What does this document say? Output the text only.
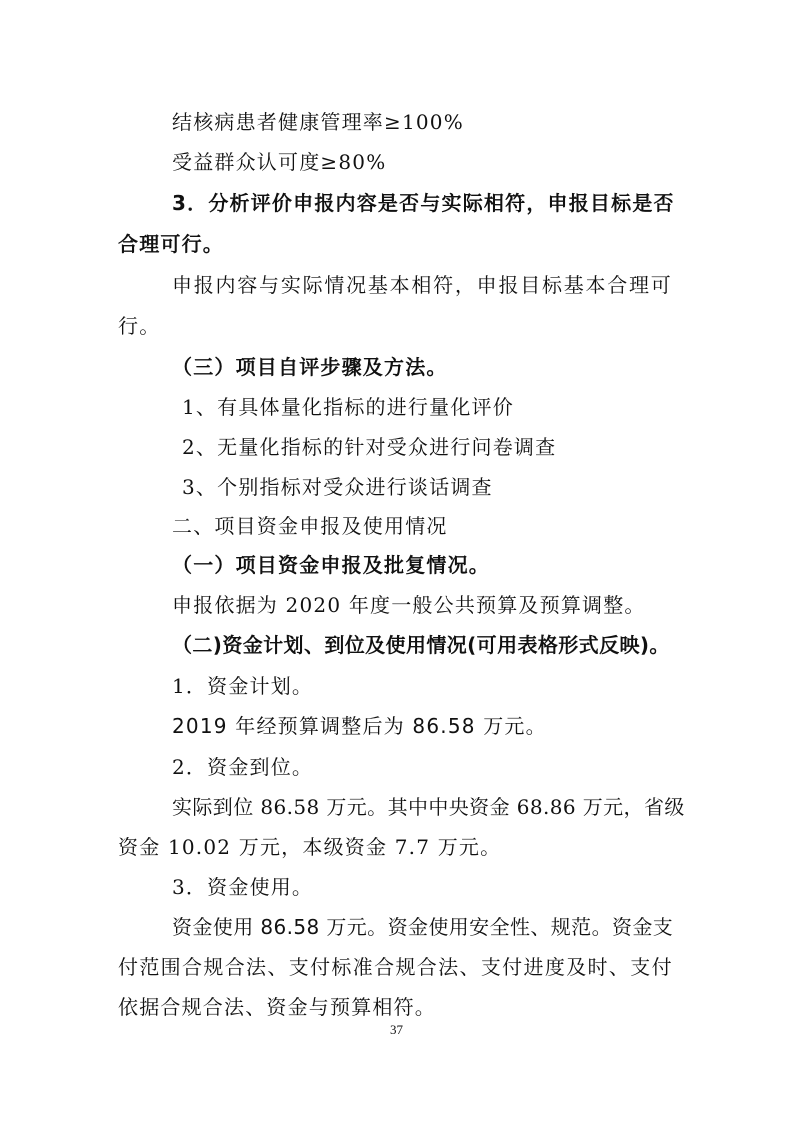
结核病患者健康管理率≥100%
受益群众认可度≥80%
3．分析评价申报内容是否与实际相符，申报目标是否
合理可行。
申报内容与实际情况基本相符，申报目标基本合理可
行。
（三）项目自评步骤及方法。
1、有具体量化指标的进行量化评价
2、无量化指标的针对受众进行问卷调查
3、个别指标对受众进行谈话调查
二、项目资金申报及使用情况
（一）项目资金申报及批复情况。
申报依据为 2020 年度一般公共预算及预算调整。
（二)资金计划、到位及使用情况(可用表格形式反映)。
1．资金计划。
2019 年经预算调整后为 86.58 万元。
2．资金到位。
实际到位 86.58 万元。其中中央资金 68.86 万元，省级
资金 10.02 万元，本级资金 7.7 万元。
3．资金使用。
资金使用 86.58 万元。资金使用安全性、规范。资金支
付范围合规合法、支付标准合规合法、支付进度及时、支付
依据合规合法、资金与预算相符。
37
